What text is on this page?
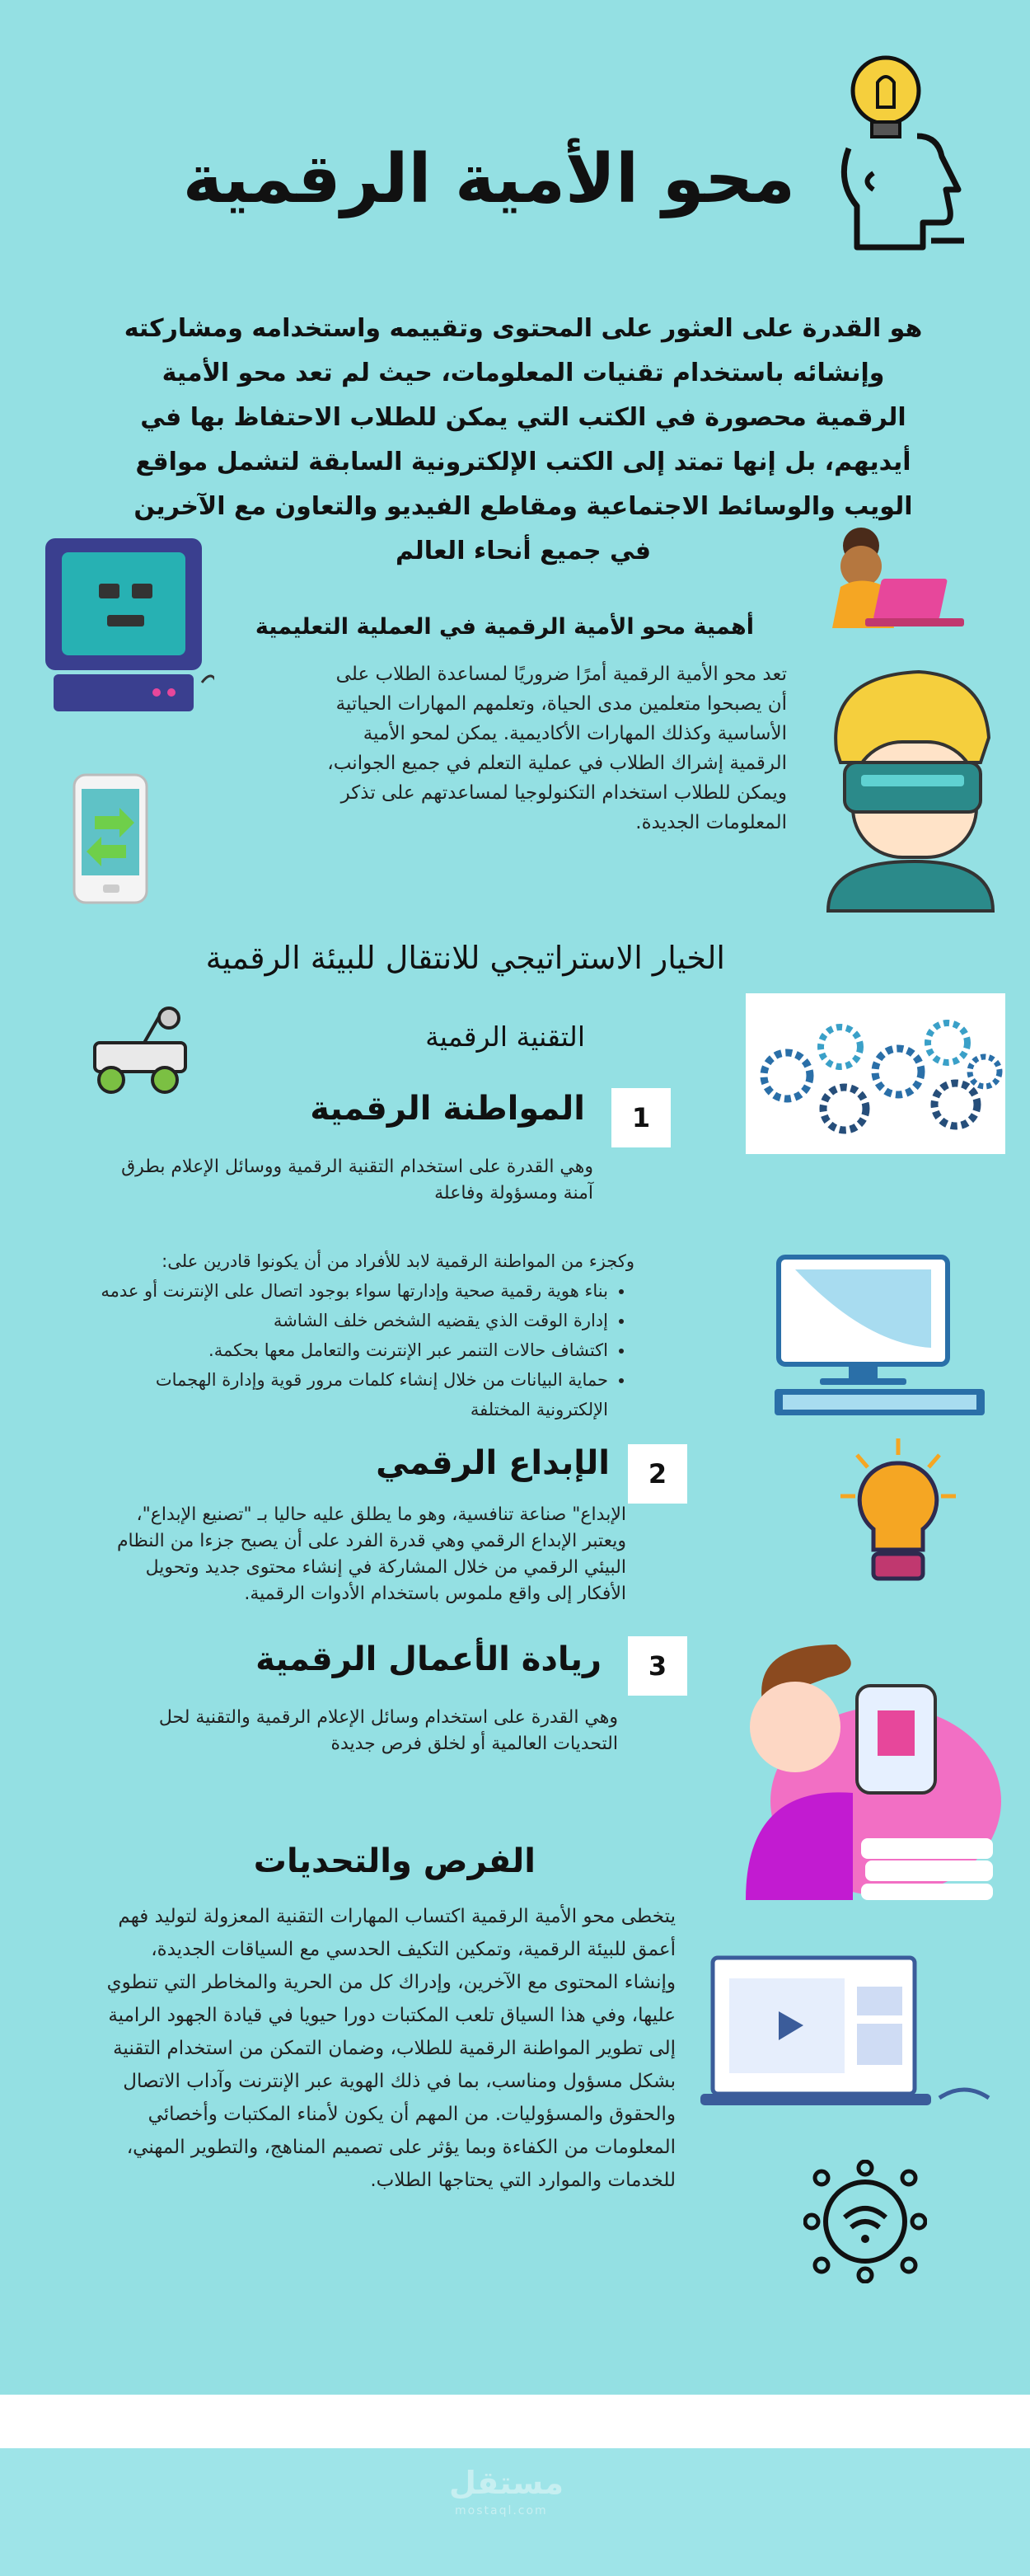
محو الأمية الرقمية
هو القدرة على العثور على المحتوى وتقييمه واستخدامه ومشاركته وإنشائه باستخدام تقنيات المعلومات، حيث لم تعد محو الأمية الرقمية محصورة في الكتب التي يمكن للطلاب الاحتفاظ بها في أيديهم، بل إنها تمتد إلى الكتب الإلكترونية السابقة لتشمل مواقع الويب والوسائط الاجتماعية ومقاطع الفيديو والتعاون مع الآخرين في جميع أنحاء العالم
أهمية محو الأمية الرقمية في العملية التعليمية
تعد محو الأمية الرقمية أمرًا ضروريًا لمساعدة الطلاب على أن يصبحوا متعلمين مدى الحياة، وتعلمهم المهارات الحياتية الأساسية وكذلك المهارات الأكاديمية. يمكن لمحو الأمية الرقمية إشراك الطلاب في عملية التعلم في جميع الجوانب، ويمكن للطلاب استخدام التكنولوجيا لمساعدتهم على تذكر المعلومات الجديدة.
الخيار الاستراتيجي للانتقال للبيئة الرقمية
التقنية الرقمية
1
المواطنة الرقمية
وهي القدرة على استخدام التقنية الرقمية ووسائل الإعلام بطرق آمنة ومسؤولة وفاعلة
وكجزء من المواطنة الرقمية لابد للأفراد من أن يكونوا قادرين على:
• بناء هوية رقمية صحية وإدارتها سواء بوجود اتصال على الإنترنت أو عدمه
• إدارة الوقت الذي يقضيه الشخص خلف الشاشة
• اكتشاف حالات التنمر عبر الإنترنت والتعامل معها بحكمة.
• حماية البيانات من خلال إنشاء كلمات مرور قوية وإدارة الهجمات الإلكترونية المختلفة
2
الإبداع الرقمي
الإبداع" صناعة تنافسية، وهو ما يطلق عليه حاليا بـ "تصنيع الإبداع"، ويعتبر الإبداع الرقمي وهي قدرة الفرد على أن يصبح جزءا من النظام البيئي الرقمي من خلال المشاركة في إنشاء محتوى جديد وتحويل الأفكار إلى واقع ملموس باستخدام الأدوات الرقمية.
3
ريادة الأعمال الرقمية
وهي القدرة على استخدام وسائل الإعلام الرقمية والتقنية لحل التحديات العالمية أو لخلق فرص جديدة
الفرص والتحديات
يتخطى محو الأمية الرقمية اكتساب المهارات التقنية المعزولة لتوليد فهم أعمق للبيئة الرقمية، وتمكين التكيف الحدسي مع السياقات الجديدة، وإنشاء المحتوى مع الآخرين، وإدراك كل من الحرية والمخاطر التي تنطوي عليها، وفي هذا السياق تلعب المكتبات دورا حيويا في قيادة الجهود الرامية إلى تطوير المواطنة الرقمية للطلاب، وضمان التمكن من استخدام التقنية بشكل مسؤول ومناسب، بما في ذلك الهوية عبر الإنترنت وآداب الاتصال والحقوق والمسؤوليات. من المهم أن يكون لأمناء المكتبات وأخصائي المعلومات من الكفاءة وبما يؤثر على تصميم المناهج، والتطوير المهني، للخدمات والموارد التي يحتاجها الطلاب.
مستقل
mostaql.com
